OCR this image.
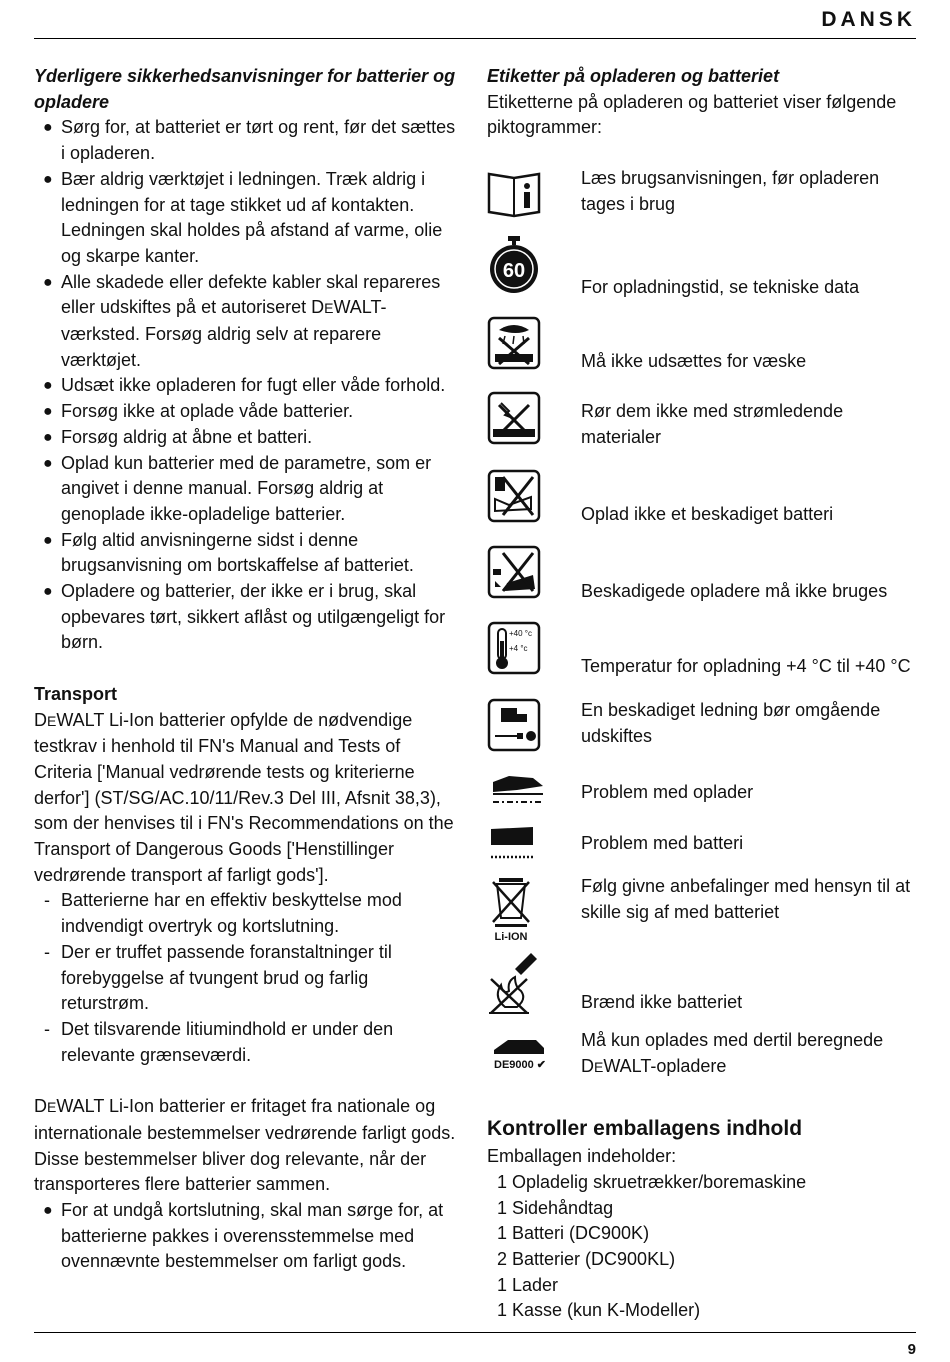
DANSK

Yderligere sikkerhedsanvisninger for batterier og opladere

● Sørg for, at batteriet er tørt og rent, før det sættes i opladeren.
● Bær aldrig værktøjet i ledningen. Træk aldrig i ledningen for at tage stikket ud af kontakten. Ledningen skal holdes på afstand af varme, olie og skarpe kanter.
● Alle skadede eller defekte kabler skal repareres eller udskiftes på et autoriseret DEWALT-værksted. Forsøg aldrig selv at reparere værktøjet.
● Udsæt ikke opladeren for fugt eller våde forhold.
● Forsøg ikke at oplade våde batterier.
● Forsøg aldrig at åbne et batteri.
● Oplad kun batterier med de parametre, som er angivet i denne manual. Forsøg aldrig at genoplade ikke-opladelige batterier.
● Følg altid anvisningerne sidst i denne brugsanvisning om bortskaffelse af batteriet.
● Opladere og batterier, der ikke er i brug, skal opbevares tørt, sikkert aflåst og utilgængeligt for børn.

Transport

DEWALT Li-Ion batterier opfylde de nødvendige testkrav i henhold til FN's Manual and Tests of Criteria ['Manual vedrørende tests og kriterierne derfor'] (ST/SG/AC.10/11/Rev.3 Del III, Afsnit 38,3), som der henvises til i FN's Recommendations on the Transport of Dangerous Goods ['Henstillinger vedrørende transport af farligt gods'].

- Batterierne har en effektiv beskyttelse mod indvendigt overtryk og kortslutning.
- Der er truffet passende foranstaltninger til forebyggelse af tvungent brud og farlig returstrøm.
- Det tilsvarende litiumindhold er under den relevante grænseværdi.

DEWALT Li-Ion batterier er fritaget fra nationale og internationale bestemmelser vedrørende farligt gods. Disse bestemmelser bliver dog relevante, når der transporteres flere batterier sammen.

● For at undgå kortslutning, skal man sørge for, at batterierne pakkes i overensstemmelse med ovennævnte bestemmelser om farligt gods.

Etiketter på opladeren og batteriet

Etiketterne på opladeren og batteriet viser følgende piktogrammer:

Læs brugsanvisningen, før opladeren tages i brug
60
For opladningstid, se tekniske data
Må ikke udsættes for væske
Rør dem ikke med strømledende materialer
Oplad ikke et beskadiget batteri
Beskadigede opladere må ikke bruges
+40 °c
+4 °c
Temperatur for opladning +4 °C til +40 °C
En beskadiget ledning bør omgående udskiftes
Problem med oplader
Problem med batteri
Li-ION
Følg givne anbefalinger med hensyn til at skille sig af med batteriet
Brænd ikke batteriet
DE9000 ✔
Må kun oplades med dertil beregnede DEWALT-opladere

Kontroller emballagens indhold

Emballagen indeholder:

1 Opladelig skruetrækker/boremaskine
1 Sidehåndtag
1 Batteri (DC900K)
2 Batterier (DC900KL)
1 Lader
1 Kasse (kun K-Modeller)
9
